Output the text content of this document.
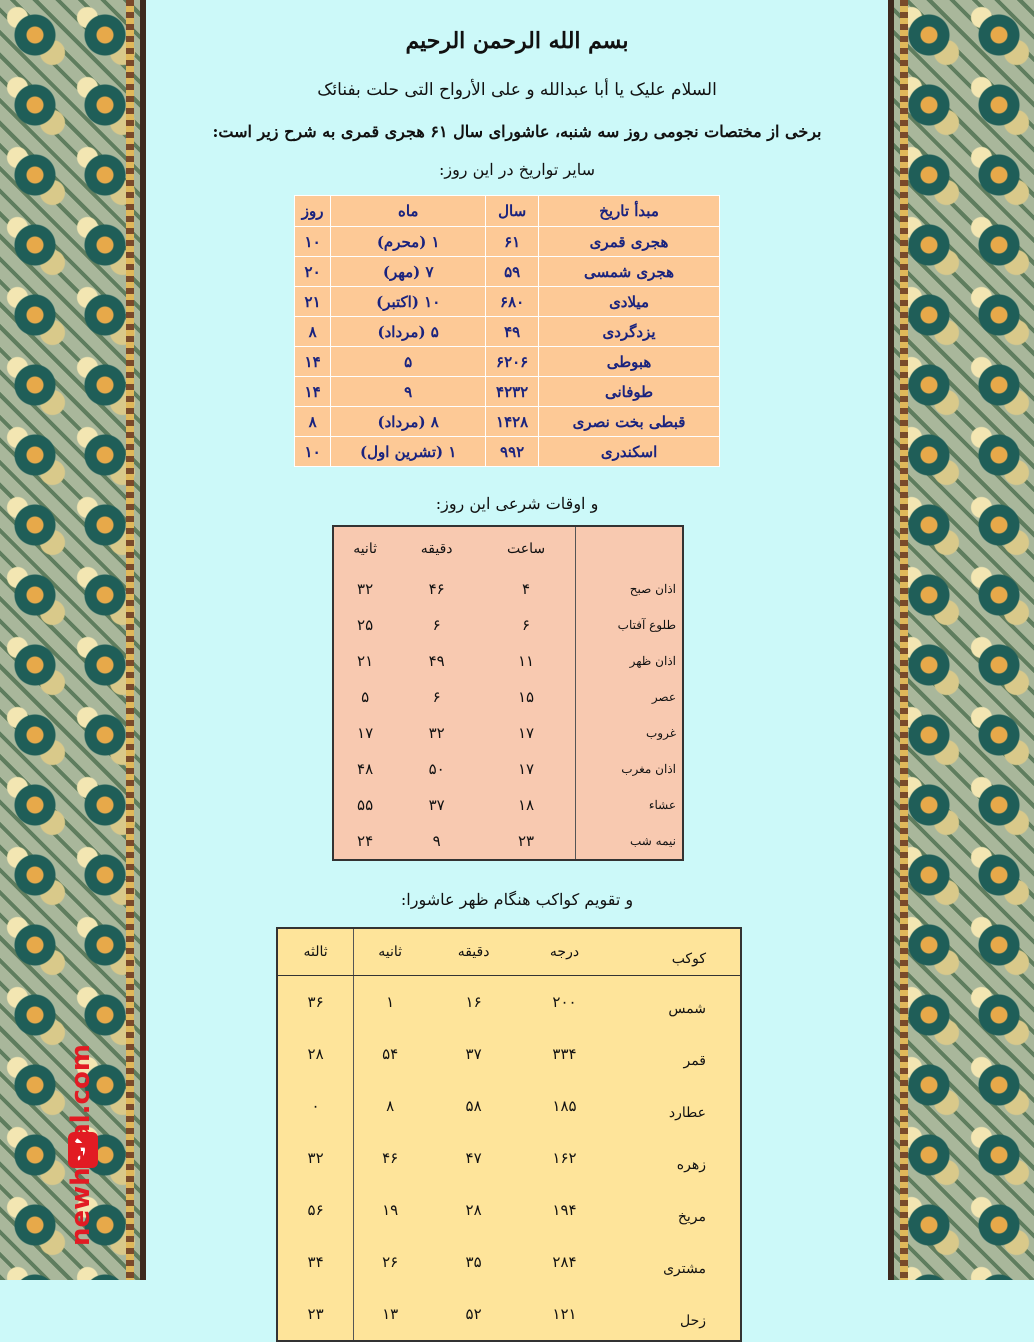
بسم الله الرحمن الرحیم
السلام علیک یا أبا عبدالله و علی الأرواح التی حلت بفنائک
برخی از مختصات نجومی روز سه شنبه، عاشورای سال ۶۱ هجری قمری به شرح زیر است:
سایر تواریخ در این روز:
مبدأ تاریخ	سال	ماه	روز
هجری قمری	۶۱	۱ (محرم)	۱۰
هجری شمسی	۵۹	۷ (مهر)	۲۰
میلادی	۶۸۰	۱۰ (اکتبر)	۲۱
یزدگردی	۴۹	۵ (مرداد)	۸
هبوطی	۶۲۰۶	۵	۱۴
طوفانی	۴۲۳۲	۹	۱۴
قبطی بخت نصری	۱۴۲۸	۸ (مرداد)	۸
اسکندری	۹۹۲	۱ (تشرین اول)	۱۰
و اوقات شرعی این روز:
	ساعت	دقیقه	ثانیه
اذان صبح	۴	۴۶	۳۲
طلوع آفتاب	۶	۶	۲۵
اذان ظهر	۱۱	۴۹	۲۱
عصر	۱۵	۶	۵
غروب	۱۷	۳۲	۱۷
اذان مغرب	۱۷	۵۰	۴۸
عشاء	۱۸	۳۷	۵۵
نیمه شب	۲۳	۹	۲۴
و تقویم کواکب هنگام ظهر عاشورا:
کوکب	درجه	دقیقه	ثانیه	ثالثه
شمس	۲۰۰	۱۶	۱	۳۶
قمر	۳۳۴	۳۷	۵۴	۲۸
عطارد	۱۸۵	۵۸	۸	۰
زهره	۱۶۲	۴۷	۴۶	۳۲
مریخ	۱۹۴	۲۸	۱۹	۵۶
مشتری	۲۸۴	۳۵	۲۶	۳۴
زحل	۱۲۱	۵۲	۱۳	۲۳
newhelal.com
